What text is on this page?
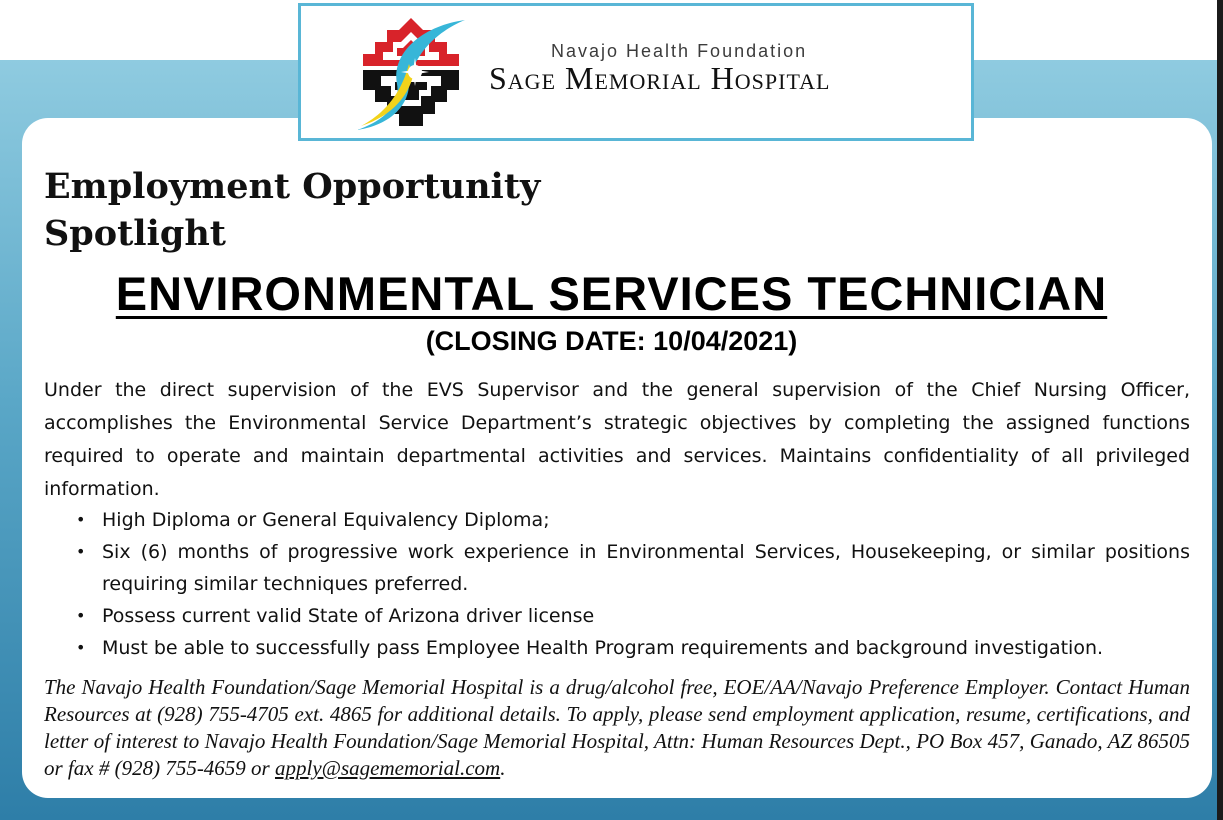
Navajo Health Foundation
Sage Memorial Hospital
Employment Opportunity Spotlight
ENVIRONMENTAL SERVICES TECHNICIAN
(CLOSING DATE: 10/04/2021)
Under the direct supervision of the EVS Supervisor and the general supervision of the Chief Nursing Officer, accomplishes the Environmental Service Department’s strategic objectives by completing the assigned functions required to operate and maintain departmental activities and services. Maintains confidentiality of all privileged information.
• High Diploma or General Equivalency Diploma;
• Six (6) months of progressive work experience in Environmental Services, Housekeeping, or similar positions requiring similar techniques preferred.
• Possess current valid State of Arizona driver license
• Must be able to successfully pass Employee Health Program requirements and background investigation.
The Navajo Health Foundation/Sage Memorial Hospital is a drug/alcohol free, EOE/AA/Navajo Preference Employer. Contact Human Resources at (928) 755-4705 ext. 4865 for additional details. To apply, please send employment application, resume, certifications, and letter of interest to Navajo Health Foundation/Sage Memorial Hospital, Attn: Human Resources Dept., PO Box 457, Ganado, AZ 86505 or fax # (928) 755-4659 or apply@sagememorial.com.
